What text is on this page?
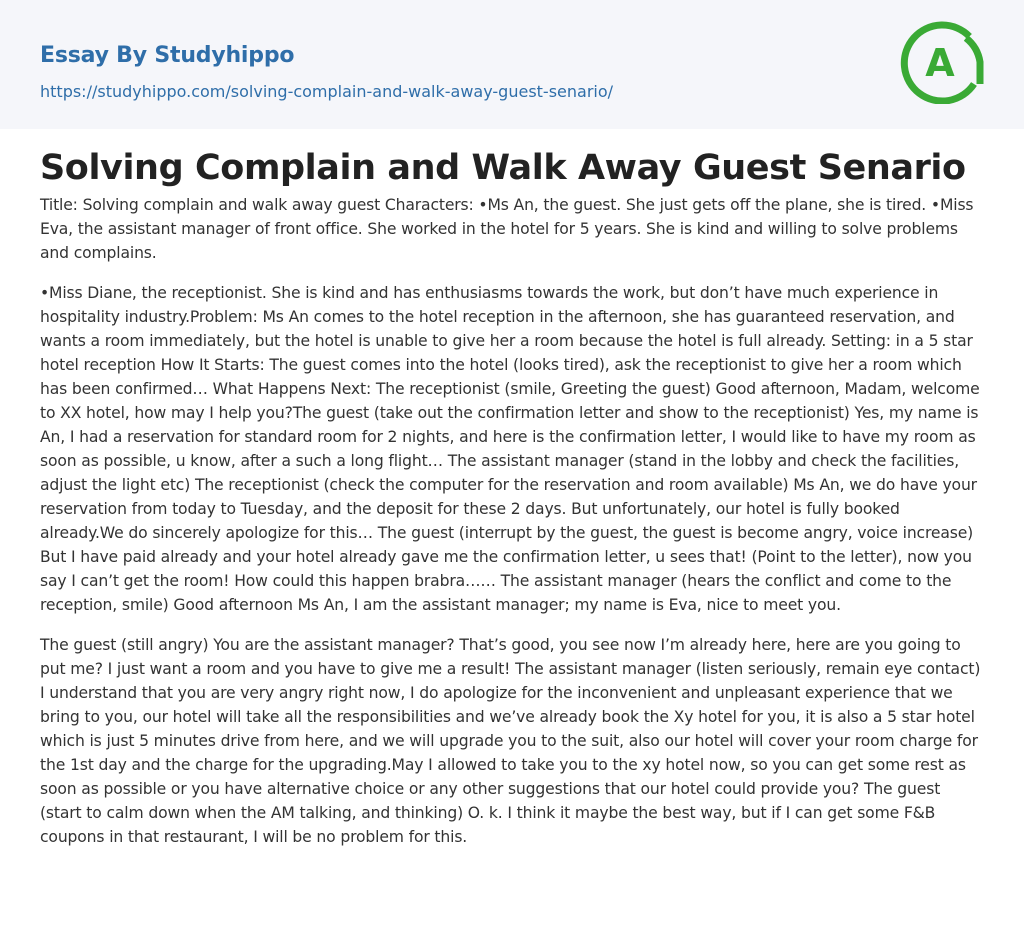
Essay By Studyhippo
https://studyhippo.com/solving-complain-and-walk-away-guest-senario/
A
Solving Complain and Walk Away Guest Senario

Title: Solving complain and walk away guest Characters: •Ms An, the guest. She just gets off the plane, she is tired. •Miss Eva, the assistant manager of front office. She worked in the hotel for 5 years. She is kind and willing to solve problems and complains.

•Miss Diane, the receptionist. She is kind and has enthusiasms towards the work, but don’t have much experience in hospitality industry.Problem: Ms An comes to the hotel reception in the afternoon, she has guaranteed reservation, and wants a room immediately, but the hotel is unable to give her a room because the hotel is full already. Setting: in a 5 star hotel reception How It Starts: The guest comes into the hotel (looks tired), ask the receptionist to give her a room which has been confirmed… What Happens Next: The receptionist (smile, Greeting the guest) Good afternoon, Madam, welcome to XX hotel, how may I help you?The guest (take out the confirmation letter and show to the receptionist) Yes, my name is An, I had a reservation for standard room for 2 nights, and here is the confirmation letter, I would like to have my room as soon as possible, u know, after a such a long flight… The assistant manager (stand in the lobby and check the facilities, adjust the light etc) The receptionist (check the computer for the reservation and room available) Ms An, we do have your reservation from today to Tuesday, and the deposit for these 2 days. But unfortunately, our hotel is fully booked already.We do sincerely apologize for this… The guest (interrupt by the guest, the guest is become angry, voice increase) But I have paid already and your hotel already gave me the confirmation letter, u sees that! (Point to the letter), now you say I can’t get the room! How could this happen brabra…… The assistant manager (hears the conflict and come to the reception, smile) Good afternoon Ms An, I am the assistant manager; my name is Eva, nice to meet you.

The guest (still angry) You are the assistant manager? That’s good, you see now I’m already here, here are you going to put me? I just want a room and you have to give me a result! The assistant manager (listen seriously, remain eye contact) I understand that you are very angry right now, I do apologize for the inconvenient and unpleasant experience that we bring to you, our hotel will take all the responsibilities and we’ve already book the Xy hotel for you, it is also a 5 star hotel which is just 5 minutes drive from here, and we will upgrade you to the suit, also our hotel will cover your room charge for the 1st day and the charge for the upgrading.May I allowed to take you to the xy hotel now, so you can get some rest as soon as possible or you have alternative choice or any other suggestions that our hotel could provide you? The guest (start to calm down when the AM talking, and thinking) O. k. I think it maybe the best way, but if I can get some F&B coupons in that restaurant, I will be no problem for this.
